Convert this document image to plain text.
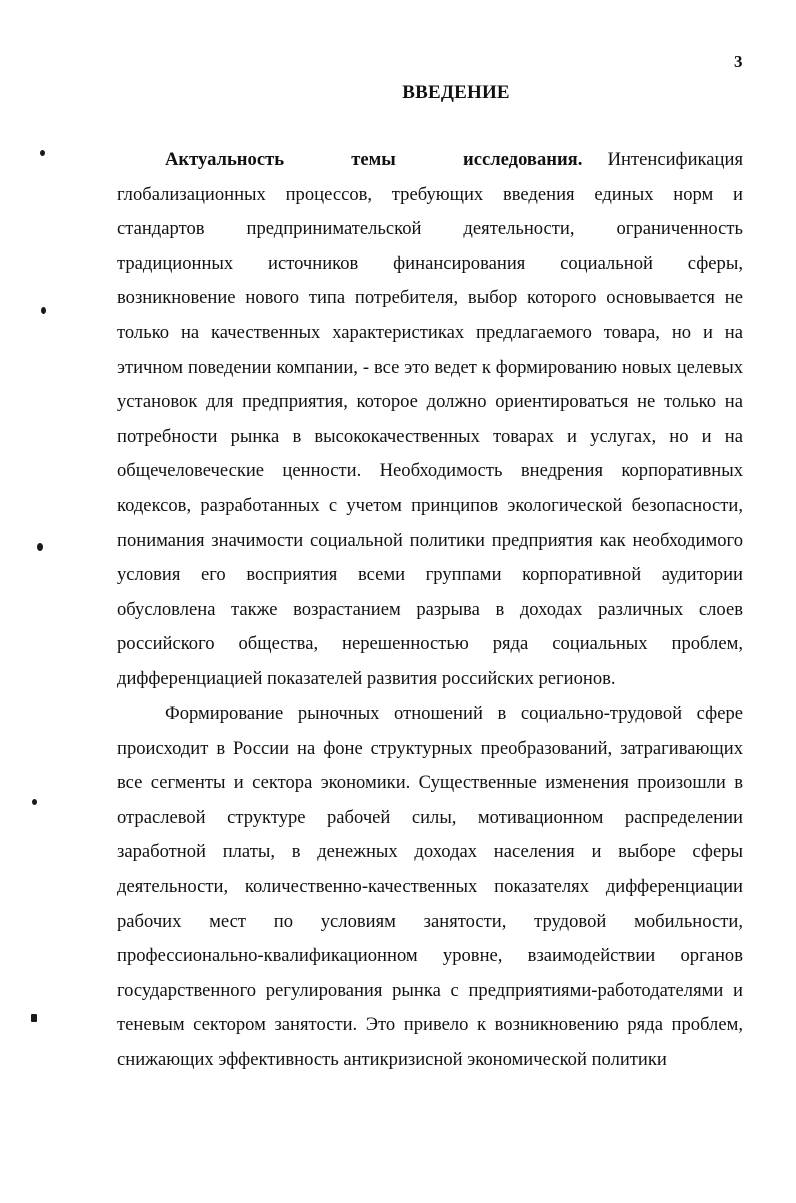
3
ВВЕДЕНИЕ

Актуальность темы исследования. Интенсификация глобализационных процессов, требующих введения единых норм и стандартов предпринимательской деятельности, ограниченность традиционных источников финансирования социальной сферы, возникновение нового типа потребителя, выбор которого основывается не только на качественных характеристиках предлагаемого товара, но и на этичном поведении компании, - все это ведет к формированию новых целевых установок для предприятия, которое должно ориентироваться не только на потребности рынка в высококачественных товарах и услугах, но и на общечеловеческие ценности. Необходимость внедрения корпоративных кодексов, разработанных с учетом принципов экологической безопасности, понимания значимости социальной политики предприятия как необходимого условия его восприятия всеми группами корпоративной аудитории обусловлена также возрастанием разрыва в доходах различных слоев российского общества, нерешенностью ряда социальных проблем, дифференциацией показателей развития российских регионов.

Формирование рыночных отношений в социально-трудовой сфере происходит в России на фоне структурных преобразований, затрагивающих все сегменты и сектора экономики. Существенные изменения произошли в отраслевой структуре рабочей силы, мотивационном распределении заработной платы, в денежных доходах населения и выборе сферы деятельности, количественно-качественных показателях дифференциации рабочих мест по условиям занятости, трудовой мобильности, профессионально-квалификационном уровне, взаимодействии органов государственного регулирования рынка с предприятиями-работодателями и теневым сектором занятости. Это привело к возникновению ряда проблем, снижающих эффективность антикризисной экономической политики
